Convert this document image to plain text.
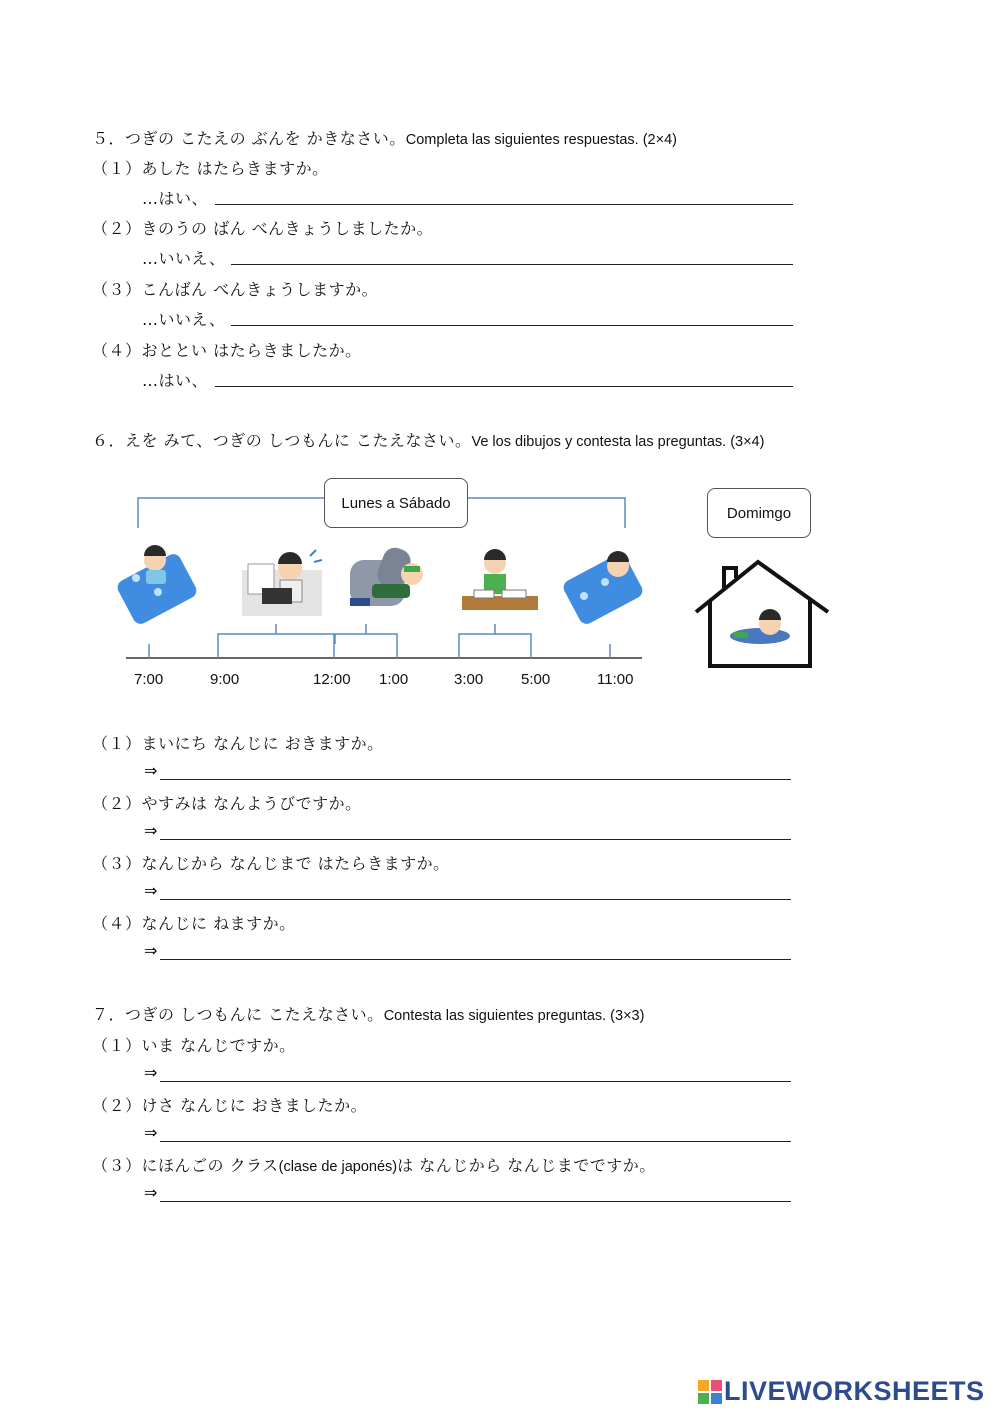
５．つぎの こたえの ぶんを かきなさい。Completa las siguientes respuestas. (2×4)
（１）あした はたらきますか。
…はい、
（２）きのうの ばん べんきょうしましたか。
…いいえ、
（３）こんばん べんきょうしますか。
…いいえ、
（４）おととい はたらきましたか。
…はい、
６．えを みて、つぎの しつもんに こたえなさい。Ve los dibujos y contesta las preguntas. (3×4)
Lunes a Sábado
Domimgo
7:00	9:00	12:00 1:00	3:00	5:00	11:00
（１）まいにち なんじに おきますか。
⇒
（２）やすみは なんようびですか。
⇒
（３）なんじから なんじまで はたらきますか。
⇒
（４）なんじに ねますか。
⇒
７．つぎの しつもんに こたえなさい。Contesta las siguientes preguntas. (3×3)
（１）いま なんじですか。
⇒
（２）けさ なんじに おきましたか。
⇒
（３）にほんごの クラス(clase de japonés)は なんじから なんじまでですか。
⇒
LIVEWORKSHEETS
